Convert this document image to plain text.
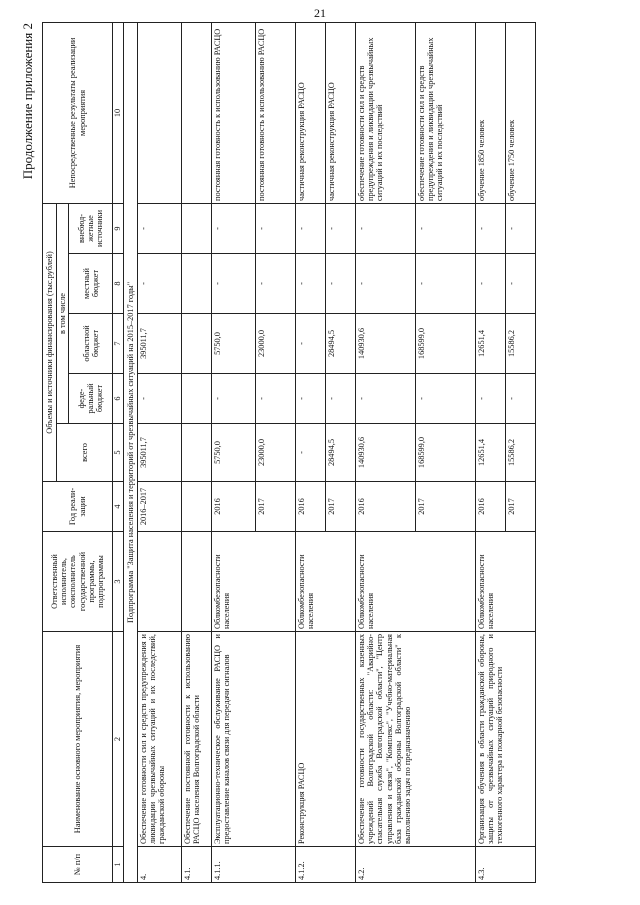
21
Продолжение приложения 2
№ п/п	Наименование основного мероприятия, мероприятия	Ответственный исполнитель, соисполнитель государственной программы, подпрограммы	Год реали-зации	Объемы и источники финансирования (тыс.рублей)					Непосредственные результаты реализации мероприятия
				всего	в том числе				
					феде-ральный бюджет	областной бюджет	местный бюджет	внебюд-жетные источники	
1	2	3	4	5	6	7	8	9	10
Подпрограмма "Защита населения и территорий от чрезвычайных ситуаций на 2015–2017 годы"									
4.	Обеспечение готовности сил и средств предупреждения и ликвидации чрезвычайных ситуаций и их последствий, гражданской обороны		2016–2017	395011,7	-	395011,7	-	-	
4.1.	Обеспечение постоянной готовности к использованию РАСЦО населения Волгоградской области								
4.1.1.	Эксплуатационно-техническое обслуживание РАСЦО и предоставление каналов связи для передачи сигналов	Облкомбезопасности населения	2016	5750,0	-	5750,0	-	-	постоянная готовность к использованию РАСЦО
			2017	23000,0	-	23000,0	-	-	постоянная готовность к использованию РАСЦО
4.1.2.	Реконструкция РАСЦО	Облкомбезопасности населения	2016	-	-	-	-	-	частичная реконструкция РАСЦО
			2017	28494,5	-	28494,5	-	-	частичная реконструкция РАСЦО
4.2.	Обеспечение готовности государственных казенных учреждений Волгоградской области: "Аварийно-спасательная служба Волгоградской области", "Центр управления и связи", "Комплекс", "Учебно-материальная база гражданской обороны Волгоградской области" к выполнению задач по предназначению	Облкомбезопасности населения	2016	140930,6	-	140930,6	-	-	обеспечение готовности сил и средств предупреждения и ликвидации чрезвычайных ситуаций и их последствий
			2017	168599,0	-	168599,0	-	-	обеспечение готовности сил и средств предупреждения и ликвидации чрезвычайных ситуаций и их последствий
4.3.	Организация обучения в области гражданской обороны, защиты от чрезвычайных ситуаций природного и техногенного характера и пожарной безопасности	Облкомбезопасности населения	2016	12651,4	-	12651,4	-	-	обучение 1850 человек
			2017	15586,2	-	15586,2	-	-	обучение 1750 человек
